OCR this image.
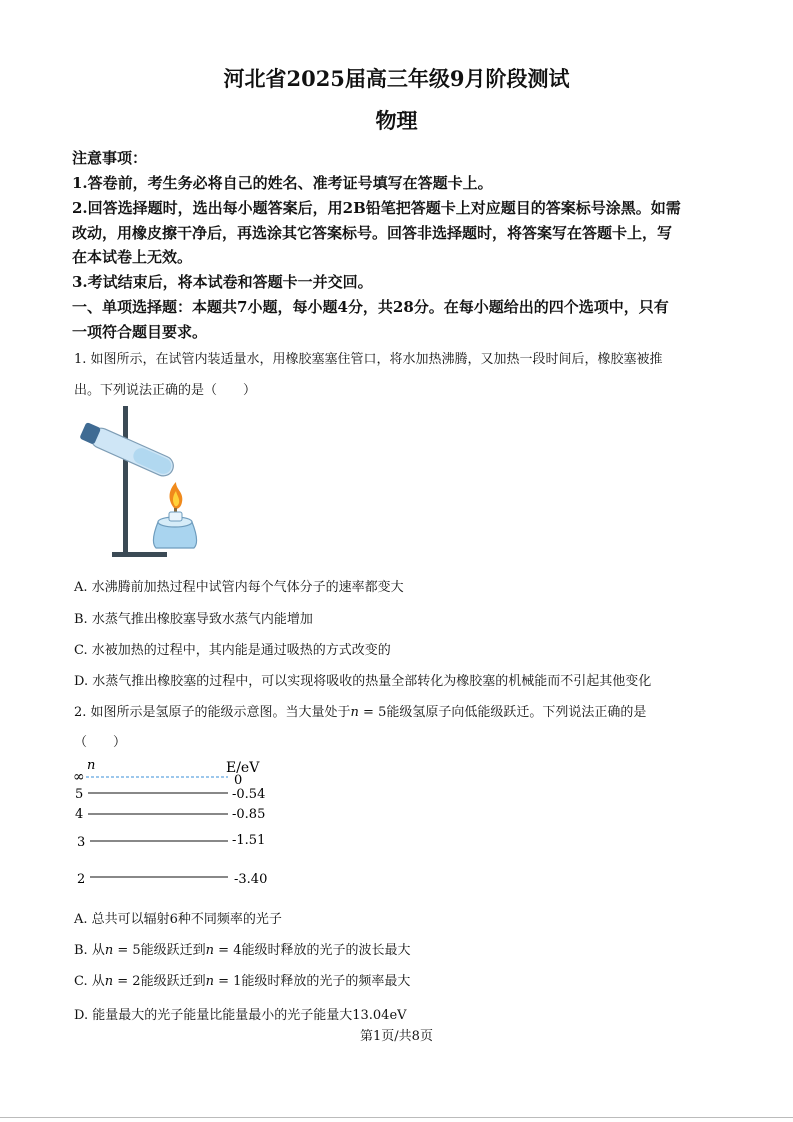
河北省2025届高三年级9月阶段测试
物理
注意事项：
1.答卷前，考生务必将自己的姓名、准考证号填写在答题卡上。
2.回答选择题时，选出每小题答案后，用2B铅笔把答题卡上对应题目的答案标号涂黑。如需
改动，用橡皮擦干净后，再选涂其它答案标号。回答非选择题时，将答案写在答题卡上，写
在本试卷上无效。
3.考试结束后，将本试卷和答题卡一并交回。
一、单项选择题：本题共7小题，每小题4分，共28分。在每小题给出的四个选项中，只有
一项符合题目要求。
1. 如图所示，在试管内装适量水，用橡胶塞塞住管口，将水加热沸腾，又加热一段时间后，橡胶塞被推
出。下列说法正确的是（　　）
A. 水沸腾前加热过程中试管内每个气体分子的速率都变大
B. 水蒸气推出橡胶塞导致水蒸气内能增加
C. 水被加热的过程中，其内能是通过吸热的方式改变的
D. 水蒸气推出橡胶塞的过程中，可以实现将吸收的热量全部转化为橡胶塞的机械能而不引起其他变化
2. 如图所示是氢原子的能级示意图。当大量处于n = 5能级氢原子向低能级跃迁。下列说法正确的是
（　　）
n	E/eV
∞	0
5	-0.54
4	-0.85
3	-1.51
2	-3.40
A. 总共可以辐射6种不同频率的光子
B. 从n = 5能级跃迁到n = 4能级时释放的光子的波长最大
C. 从n = 2能级跃迁到n = 1能级时释放的光子的频率最大
D. 能量最大的光子能量比能量最小的光子能量大13.04eV
第1页/共8页
